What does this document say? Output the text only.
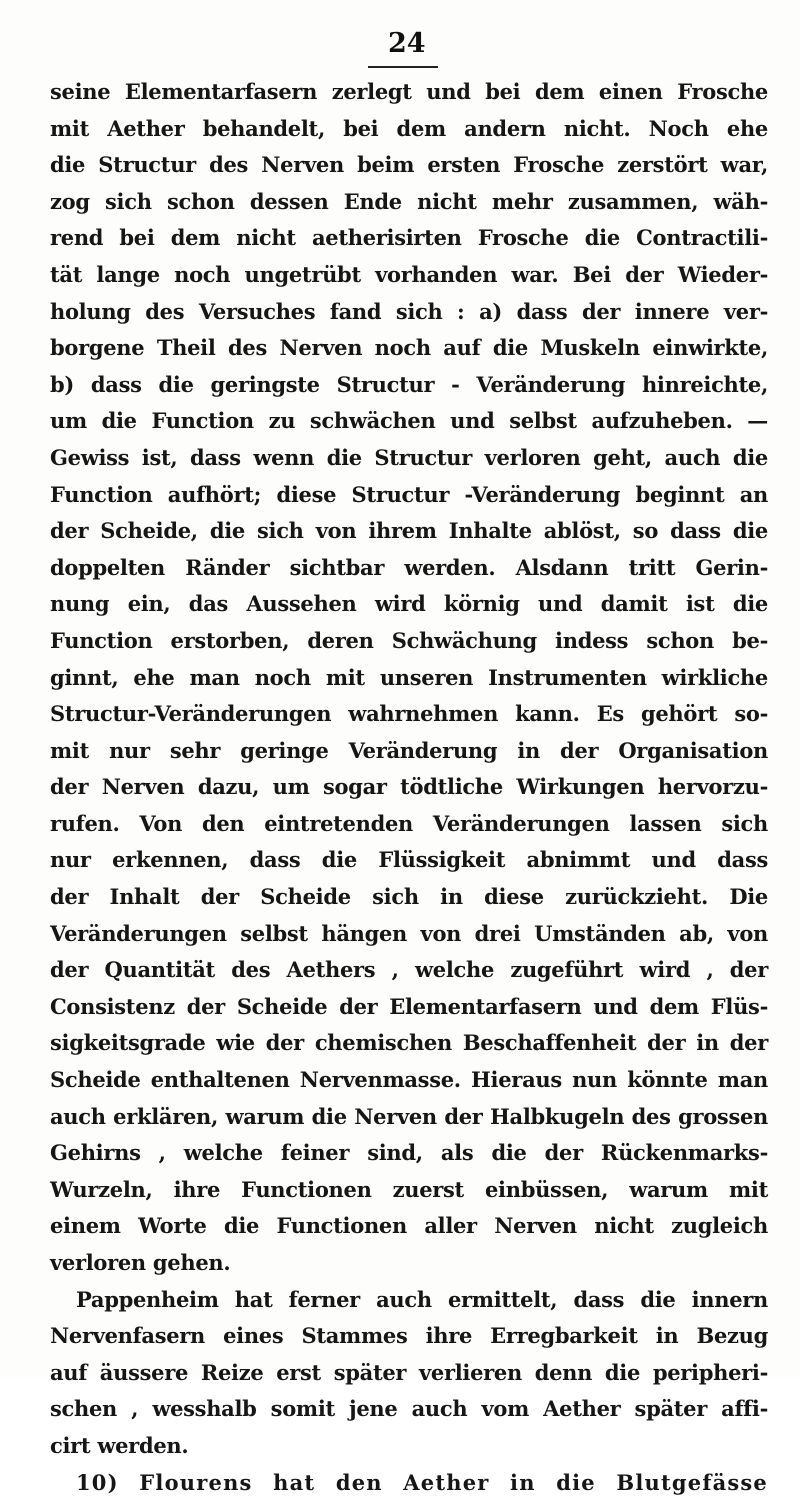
24
seine Elementarfasern zerlegt und bei dem einen Frosche
mit Aether behandelt, bei dem andern nicht. Noch ehe
die Structur des Nerven beim ersten Frosche zerstört war,
zog sich schon dessen Ende nicht mehr zusammen, wäh-
rend bei dem nicht aetherisirten Frosche die Contractili-
tät lange noch ungetrübt vorhanden war. Bei der Wieder-
holung des Versuches fand sich : a) dass der innere ver-
borgene Theil des Nerven noch auf die Muskeln einwirkte,
b) dass die geringste Structur - Veränderung hinreichte,
um die Function zu schwächen und selbst aufzuheben. —
Gewiss ist, dass wenn die Structur verloren geht, auch die
Function aufhört; diese Structur -Veränderung beginnt an
der Scheide, die sich von ihrem Inhalte ablöst, so dass die
doppelten Ränder sichtbar werden. Alsdann tritt Gerin-
nung ein, das Aussehen wird körnig und damit ist die
Function erstorben, deren Schwächung indess schon be-
ginnt, ehe man noch mit unseren Instrumenten wirkliche
Structur-Veränderungen wahrnehmen kann. Es gehört so-
mit nur sehr geringe Veränderung in der Organisation
der Nerven dazu, um sogar tödtliche Wirkungen hervorzu-
rufen. Von den eintretenden Veränderungen lassen sich
nur erkennen, dass die Flüssigkeit abnimmt und dass
der Inhalt der Scheide sich in diese zurückzieht. Die
Veränderungen selbst hängen von drei Umständen ab, von
der Quantität des Aethers , welche zugeführt wird , der
Consistenz der Scheide der Elementarfasern und dem Flüs-
sigkeitsgrade wie der chemischen Beschaffenheit der in der
Scheide enthaltenen Nervenmasse. Hieraus nun könnte man
auch erklären, warum die Nerven der Halbkugeln des grossen
Gehirns , welche feiner sind, als die der Rückenmarks-
Wurzeln, ihre Functionen zuerst einbüssen, warum mit
einem Worte die Functionen aller Nerven nicht zugleich
verloren gehen.
Pappenheim hat ferner auch ermittelt, dass die innern
Nervenfasern eines Stammes ihre Erregbarkeit in Bezug
auf äussere Reize erst später verlieren denn die peripheri-
schen , wesshalb somit jene auch vom Aether später affi-
cirt werden.
10) Flourens hat den Aether in die Blutgefässe
